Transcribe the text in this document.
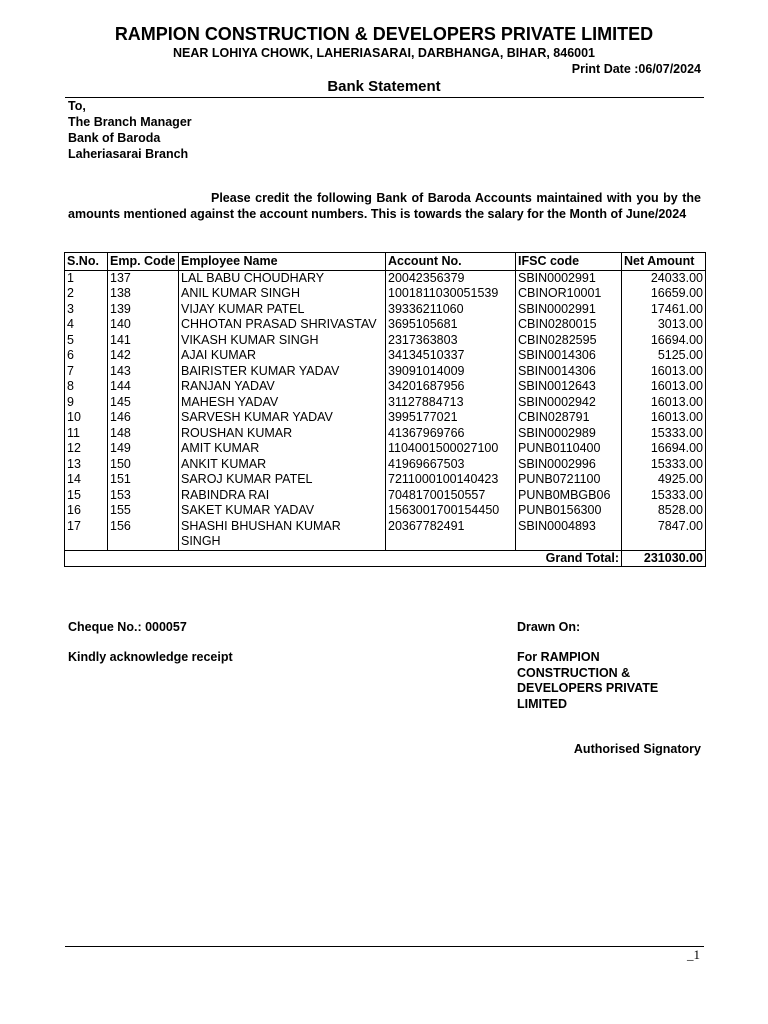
RAMPION CONSTRUCTION & DEVELOPERS PRIVATE LIMITED
NEAR LOHIYA CHOWK, LAHERIASARAI, DARBHANGA, BIHAR, 846001
Print Date :06/07/2024
Bank Statement
To,
The Branch Manager
Bank of Baroda
Laheriasarai Branch
Please credit the following Bank of Baroda Accounts maintained with you by the amounts mentioned against the account numbers. This is towards the salary for the Month of June/2024
S.No.	Emp. Code	Employee Name	Account No.	IFSC code	Net Amount
1	137	LAL BABU CHOUDHARY	20042356379	SBIN0002991	24033.00
2	138	ANIL KUMAR SINGH	1001811030051539	CBINOR10001	16659.00
3	139	VIJAY KUMAR PATEL	39336211060	SBIN0002991	17461.00
4	140	CHHOTAN PRASAD SHRIVASTAV	3695105681	CBIN0280015	3013.00
5	141	VIKASH KUMAR SINGH	2317363803	CBIN0282595	16694.00
6	142	AJAI KUMAR	34134510337	SBIN0014306	5125.00
7	143	BAIRISTER KUMAR YADAV	39091014009	SBIN0014306	16013.00
8	144	RANJAN YADAV	34201687956	SBIN0012643	16013.00
9	145	MAHESH YADAV	31127884713	SBIN0002942	16013.00
10	146	SARVESH KUMAR YADAV	3995177021	CBIN028791	16013.00
11	148	ROUSHAN KUMAR	41367969766	SBIN0002989	15333.00
12	149	AMIT KUMAR	1104001500027100	PUNB0110400	16694.00
13	150	ANKIT KUMAR	41969667503	SBIN0002996	15333.00
14	151	SAROJ KUMAR PATEL	7211000100140423	PUNB0721100	4925.00
15	153	RABINDRA RAI	70481700150557	PUNB0MBGB06	15333.00
16	155	SAKET KUMAR YADAV	1563001700154450	PUNB0156300	8528.00
17	156	SHASHI BHUSHAN KUMAR SINGH	20367782491	SBIN0004893	7847.00
Grand Total:					231030.00
Cheque No.: 000057	Drawn On:
Kindly acknowledge receipt	For RAMPION CONSTRUCTION & DEVELOPERS PRIVATE LIMITED
Authorised Signatory
_1
